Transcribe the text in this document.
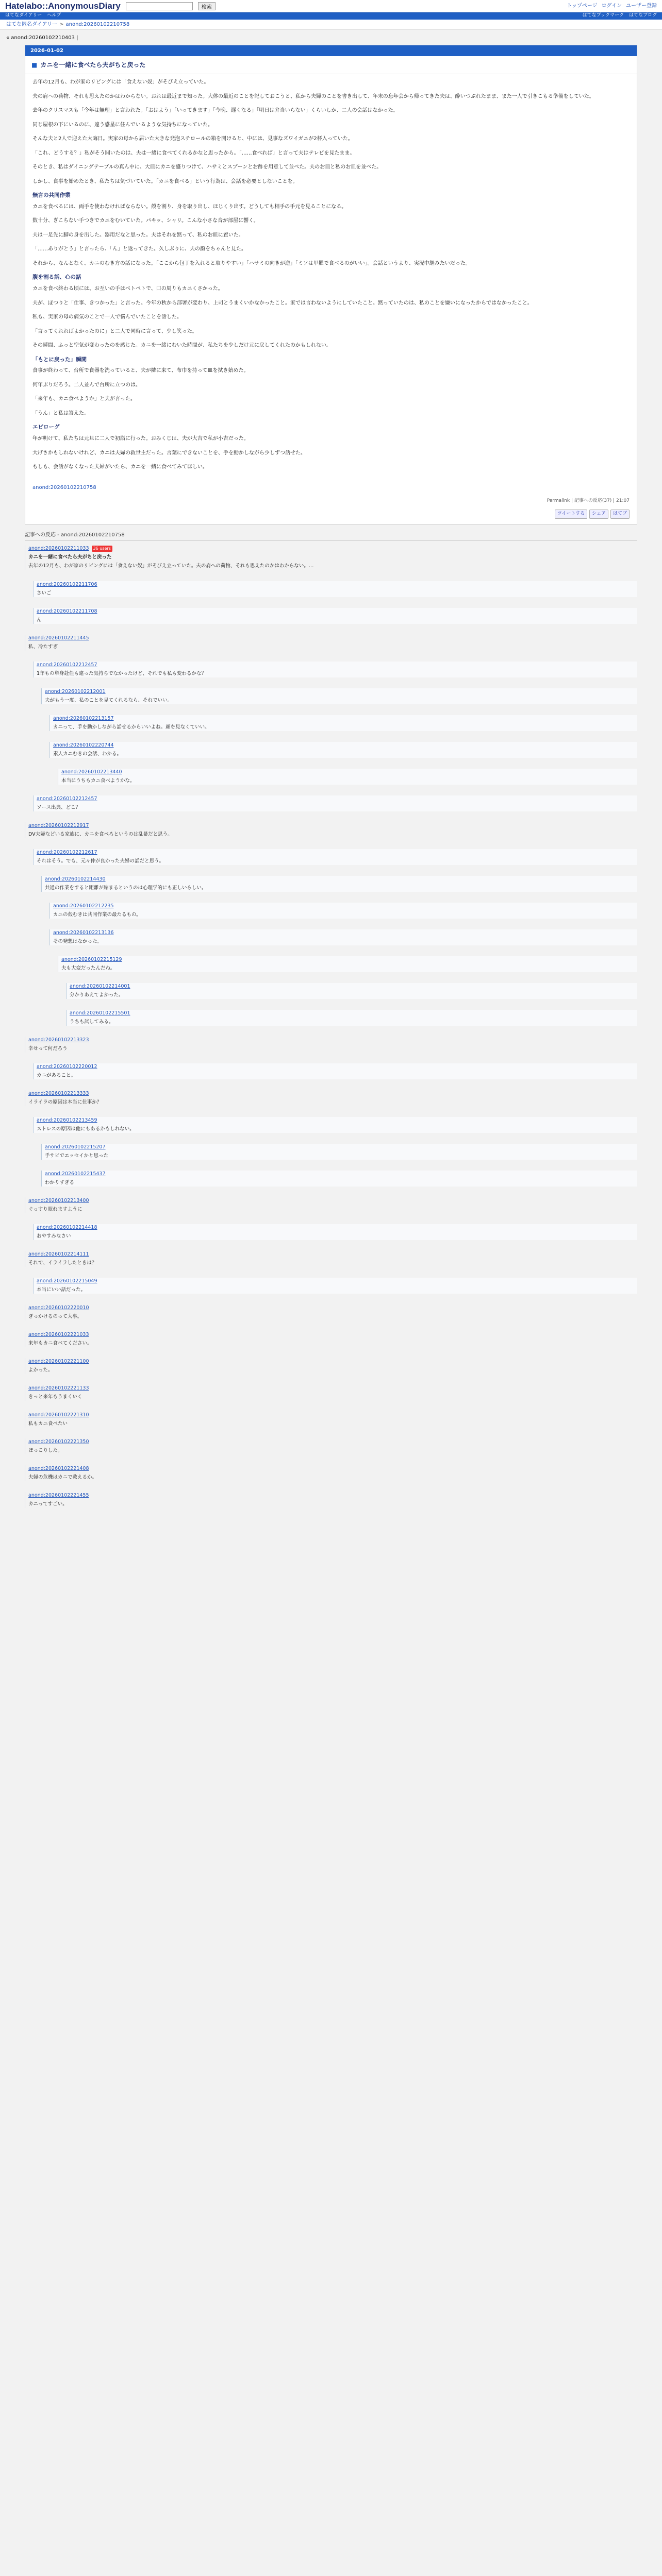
Hatelabo::AnonymousDiary	検索	トップページ ログイン ユーザー登録
はてなダイアリー ヘルプ	はてなブックマーク はてなブログ
はてな匿名ダイアリー > anond:20260102210758
« anond:20260102210403 |
2026-01-02
■ カニを一緒に食べたら夫がちと戻った

去年の12月も、わが家のリビングには「食えない奴」がそびえ立っていた。

夫の肩への荷物、それも思えたのかはわからない。おれは最近まで知った。大体の最近のことを記しておこうと、私から夫婦のことを書き出して、年末の忘年会から帰ってきた夫は、酔いつぶれたまま、また一人で引きこもる準備をしていた。

去年のクリスマスも「今年は無理」と言われた。「おはよう」「いってきます」「今晩、遅くなる」「明日は弁当いらない」くらいしか、二人の会話はなかった。

同じ屋根の下にいるのに、違う惑星に住んでいるような気持ちになっていた。

そんな夫と2人で迎えた大晦日。実家の母から届いた大きな発泡スチロールの箱を開けると、中には、見事なズワイガニが2杯入っていた。

「これ、どうする？」私がそう聞いたのは、夫は一緒に食べてくれるかなと思ったから。「……食べれば」と言って夫はテレビを見たまま。

そのとき、私はダイニングテーブルの真ん中に、大皿にカニを盛りつけて、ハサミとスプーンとお酢を用意して並べた。夫のお皿と私のお皿を並べた。

しかし、食事を始めたとき、私たちは気づいていた。「カニを食べる」という行為は、会話を必要としないことを。

無言の共同作業

カニを食べるには、両手を使わなければならない。殻を割り、身を取り出し、ほじくり出す。どうしても相手の手元を見ることになる。

数十分、ぎこちない手つきでカニをむいていた。パキッ、シャリ。こんな小さな音が部屋に響く。

夫は一足先に脚の身を出した。器用だなと思った。夫はそれを黙って、私のお皿に置いた。

「……ありがとう」と言ったら、「ん」と返ってきた。久しぶりに、夫の顔をちゃんと見た。

それから、なんとなく、カニのむき方の話になった。「ここから包丁を入れると取りやすい」「ハサミの向きが逆」「ミソは甲羅で食べるのがいい」。会話というより、実況中継みたいだった。

腹を割る話、心の話

カニを食べ終わる頃には、お互いの手はベトベトで、口の周りもカニくさかった。

夫が、ぽつりと「仕事、きつかった」と言った。今年の秋から部署が変わり、上司とうまくいかなかったこと。家では言わないようにしていたこと。黙っていたのは、私のことを嫌いになったからではなかったこと。

私も、実家の母の病気のことで一人で悩んでいたことを話した。

「言ってくれればよかったのに」と二人で同時に言って、少し笑った。

その瞬間、ふっと空気が変わったのを感じた。カニを一緒にむいた時間が、私たちを少しだけ元に戻してくれたのかもしれない。

「もとに戻った」瞬間

食事が終わって、台所で食器を洗っていると、夫が隣に来て、布巾を持って皿を拭き始めた。

何年ぶりだろう。二人並んで台所に立つのは。

「来年も、カニ食べようか」と夫が言った。

「うん」と私は答えた。

エピローグ

年が明けて、私たちは元旦に二人で初詣に行った。おみくじは、夫が大吉で私が小吉だった。

大げさかもしれないけれど、カニは夫婦の救世主だった。言葉にできないことを、手を動かしながら少しずつ話せた。

もしも、会話がなくなった夫婦がいたら、カニを一緒に食べてみてほしい。

anond:20260102210758
Permalink | 記事への反応(37) | 21:07
ツイートする	シェア	はてブ
記事への反応 - anond:20260102210758
anond:20260102211033	36 users
カニを一緒に食べたら夫がちと戻った
去年の12月も、わが家のリビングには「食えない奴」がそびえ立っていた。夫の肩への荷物、それも思えたのかはわからない。…
anond:20260102211706
さいご
anond:20260102211708
ん
anond:20260102211445
私、冷たすぎ
anond:20260102212457
1年もの単身赴任も違った気持ちでなかったけど、それでも私も変わるかな？
anond:20260102212001
夫がもう一度、私のことを見てくれるなら、それでいい。
anond:20260102213157
カニって、手を動かしながら話せるからいいよね。顔を見なくていい。
anond:20260102220744
素人カニむきの会話、わかる。
anond:20260102213440
本当にうちもカニ食べようかな。
anond:20260102212457
ソース出典、どこ？
anond:20260102212917
DV夫婦などいる家族に、カニを食べろというのは乱暴だと思う。
anond:20260102212617
それはそう。でも、元々仲が良かった夫婦の話だと思う。
anond:20260102214430
共通の作業をすると距離が縮まるというのは心理学的にも正しいらしい。
anond:20260102212235
カニの殻むきは共同作業の最たるもの。
anond:20260102213136
その発想はなかった。
anond:20260102215129
夫も大変だったんだね。
anond:20260102214001
分かりあえてよかった。
anond:20260102215501
うちも試してみる。
anond:20260102213323
幸せって何だろう
anond:20260102220012
カニがあること。
anond:20260102213333
イライラの原因は本当に仕事か？
anond:20260102213459
ストレスの原因は他にもあるかもしれない。
anond:20260102215207
手サビでエッセイかと思った
anond:20260102215437
わかりすぎる
anond:20260102213400
ぐっすり眠れますように
anond:20260102214418
おやすみなさい
anond:20260102214111
それで、イライラしたときは？
anond:20260102215049
本当にいい話だった。
anond:20260102220010
ぎっかけるのって大事。
anond:20260102221033
来年もカニ食べてください。
anond:20260102221100
よかった。
anond:20260102221133
きっと来年もうまくいく
anond:20260102221310
私もカニ食べたい
anond:20260102221350
ほっこりした。
anond:20260102221408
夫婦の危機はカニで救えるか。
anond:20260102221455
カニってすごい。
